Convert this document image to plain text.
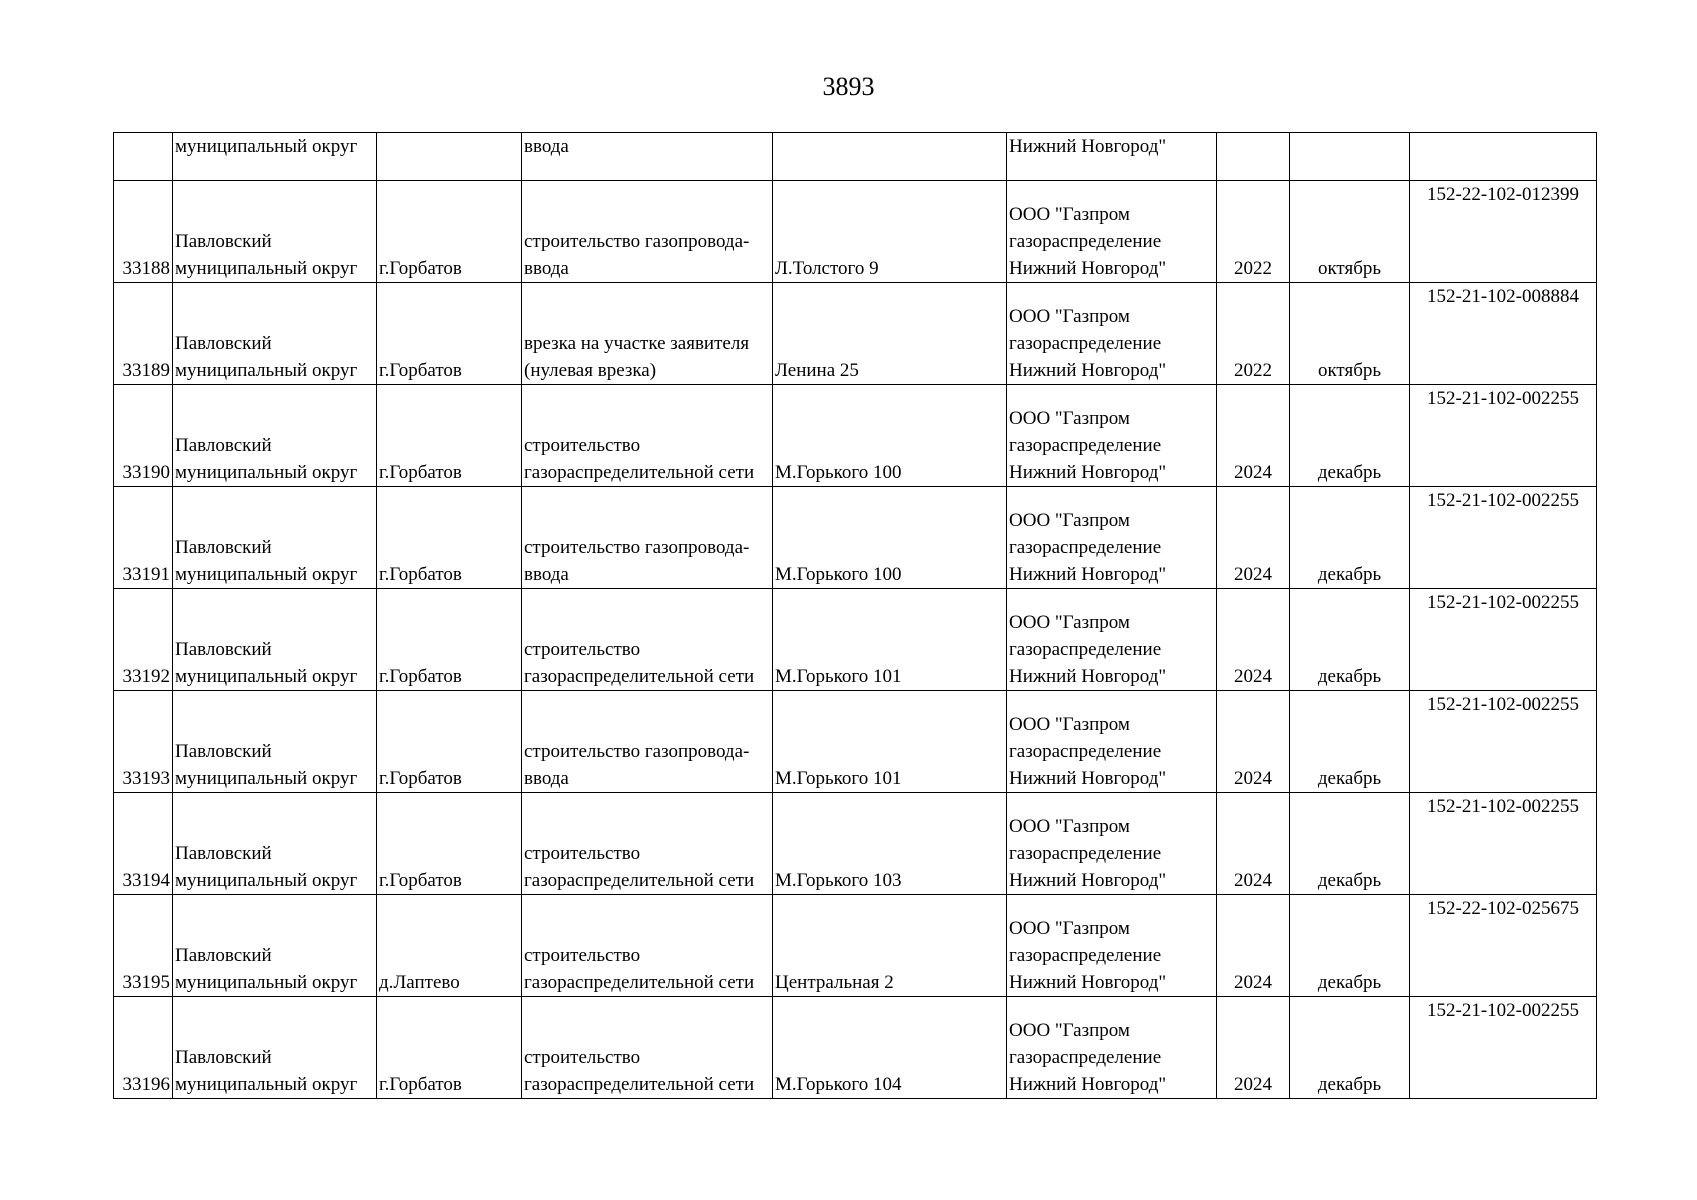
3893
	муниципальный округ		ввода		Нижний Новгород"			
33188	Павловский
муниципальный округ	г.Горбатов	строительство газопровода-
ввода	Л.Толстого 9	ООО "Газпром
газораспределение
Нижний Новгород"	2022	октябрь	152-22-102-012399
33189	Павловский
муниципальный округ	г.Горбатов	врезка на участке заявителя
(нулевая врезка)	Ленина 25	ООО "Газпром
газораспределение
Нижний Новгород"	2022	октябрь	152-21-102-008884
33190	Павловский
муниципальный округ	г.Горбатов	строительство
газораспределительной сети	М.Горького 100	ООО "Газпром
газораспределение
Нижний Новгород"	2024	декабрь	152-21-102-002255
33191	Павловский
муниципальный округ	г.Горбатов	строительство газопровода-
ввода	М.Горького 100	ООО "Газпром
газораспределение
Нижний Новгород"	2024	декабрь	152-21-102-002255
33192	Павловский
муниципальный округ	г.Горбатов	строительство
газораспределительной сети	М.Горького 101	ООО "Газпром
газораспределение
Нижний Новгород"	2024	декабрь	152-21-102-002255
33193	Павловский
муниципальный округ	г.Горбатов	строительство газопровода-
ввода	М.Горького 101	ООО "Газпром
газораспределение
Нижний Новгород"	2024	декабрь	152-21-102-002255
33194	Павловский
муниципальный округ	г.Горбатов	строительство
газораспределительной сети	М.Горького 103	ООО "Газпром
газораспределение
Нижний Новгород"	2024	декабрь	152-21-102-002255
33195	Павловский
муниципальный округ	д.Лаптево	строительство
газораспределительной сети	Центральная 2	ООО "Газпром
газораспределение
Нижний Новгород"	2024	декабрь	152-22-102-025675
33196	Павловский
муниципальный округ	г.Горбатов	строительство
газораспределительной сети	М.Горького 104	ООО "Газпром
газораспределение
Нижний Новгород"	2024	декабрь	152-21-102-002255
